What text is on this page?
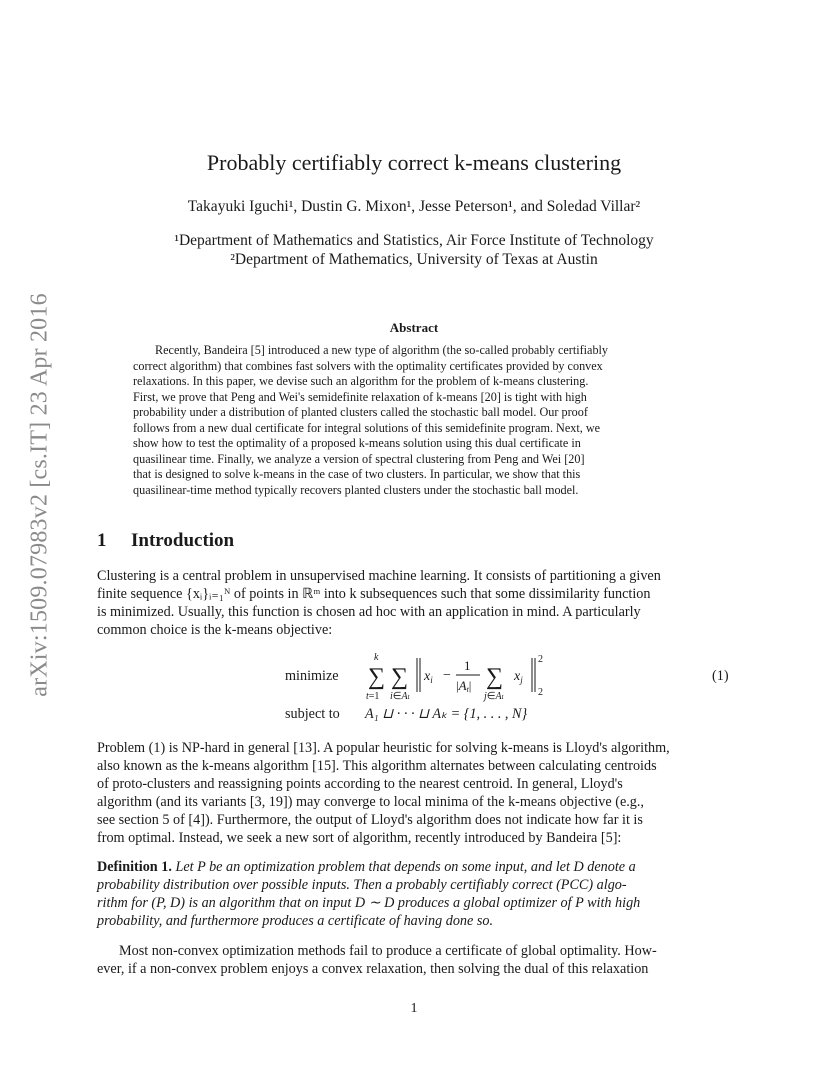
arXiv:1509.07983v2 [cs.IT] 23 Apr 2016
Probably certifiably correct k-means clustering
Takayuki Iguchi¹, Dustin G. Mixon¹, Jesse Peterson¹, and Soledad Villar²
¹Department of Mathematics and Statistics, Air Force Institute of Technology
²Department of Mathematics, University of Texas at Austin
Abstract
Recently, Bandeira [5] introduced a new type of algorithm (the so-called probably certifiably
correct algorithm) that combines fast solvers with the optimality certificates provided by convex
relaxations. In this paper, we devise such an algorithm for the problem of k-means clustering.
First, we prove that Peng and Wei's semidefinite relaxation of k-means [20] is tight with high
probability under a distribution of planted clusters called the stochastic ball model. Our proof
follows from a new dual certificate for integral solutions of this semidefinite program. Next, we
show how to test the optimality of a proposed k-means solution using this dual certificate in
quasilinear time. Finally, we analyze a version of spectral clustering from Peng and Wei [20]
that is designed to solve k-means in the case of two clusters. In particular, we show that this
quasilinear-time method typically recovers planted clusters under the stochastic ball model.
1 Introduction
Clustering is a central problem in unsupervised machine learning. It consists of partitioning a given
finite sequence {xᵢ}ᵢ₌₁ᴺ of points in ℝᵐ into k subsequences such that some dissimilarity function
is minimized. Usually, this function is chosen ad hoc with an application in mind. A particularly
common choice is the k-means objective:
minimize
k
∑
t=1
∑
i∈At
$x_i$ −
1
|At| ∑
j∈At
$x_j$
2
2
(1)
subject to A₁ ⊔ · · · ⊔ Aₖ = {1, . . . , N}
Problem (1) is NP-hard in general [13]. A popular heuristic for solving k-means is Lloyd's algorithm,
also known as the k-means algorithm [15]. This algorithm alternates between calculating centroids
of proto-clusters and reassigning points according to the nearest centroid. In general, Lloyd's
algorithm (and its variants [3, 19]) may converge to local minima of the k-means objective (e.g.,
see section 5 of [4]). Furthermore, the output of Lloyd's algorithm does not indicate how far it is
from optimal. Instead, we seek a new sort of algorithm, recently introduced by Bandeira [5]:
Definition 1. Let P be an optimization problem that depends on some input, and let D denote a
probability distribution over possible inputs. Then a probably certifiably correct (PCC) algo-
rithm for (P, D) is an algorithm that on input D ∼ D produces a global optimizer of P with high
probability, and furthermore produces a certificate of having done so.
Most non-convex optimization methods fail to produce a certificate of global optimality. How-
ever, if a non-convex problem enjoys a convex relaxation, then solving the dual of this relaxation
1
